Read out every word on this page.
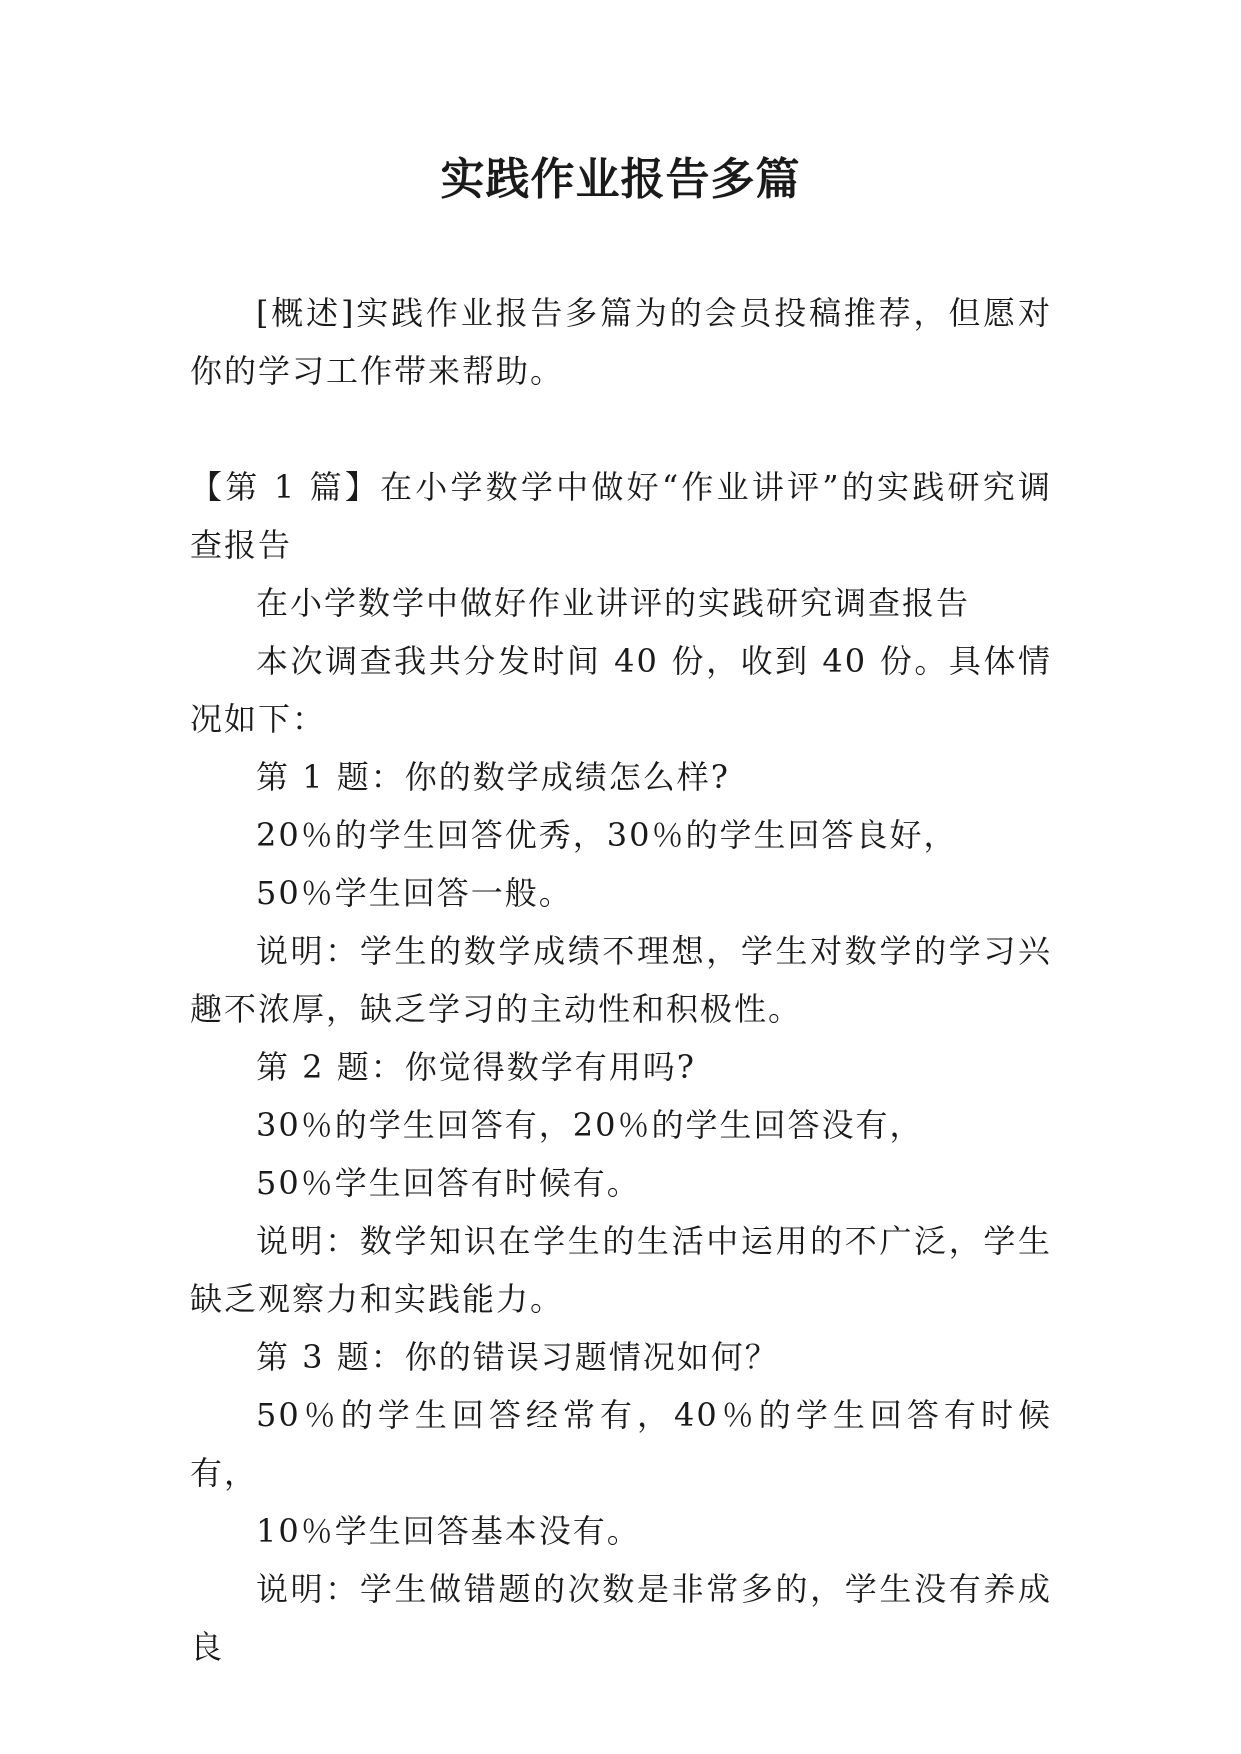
实践作业报告多篇

[概述]实践作业报告多篇为的会员投稿推荐，但愿对你的学习工作带来帮助。

【第 1 篇】在小学数学中做好“作业讲评”的实践研究调查报告

在小学数学中做好作业讲评的实践研究调查报告

本次调查我共分发时间 40 份，收到 40 份。具体情况如下：

第 1 题：你的数学成绩怎么样?

20％的学生回答优秀，30％的学生回答良好，

50％学生回答一般。

说明：学生的数学成绩不理想，学生对数学的学习兴趣不浓厚，缺乏学习的主动性和积极性。

第 2 题：你觉得数学有用吗?

30％的学生回答有，20％的学生回答没有，

50％学生回答有时候有。

说明：数学知识在学生的生活中运用的不广泛，学生缺乏观察力和实践能力。

第 3 题：你的错误习题情况如何？

50％的学生回答经常有，40％的学生回答有时候有，

10％学生回答基本没有。

说明：学生做错题的次数是非常多的，学生没有养成良
